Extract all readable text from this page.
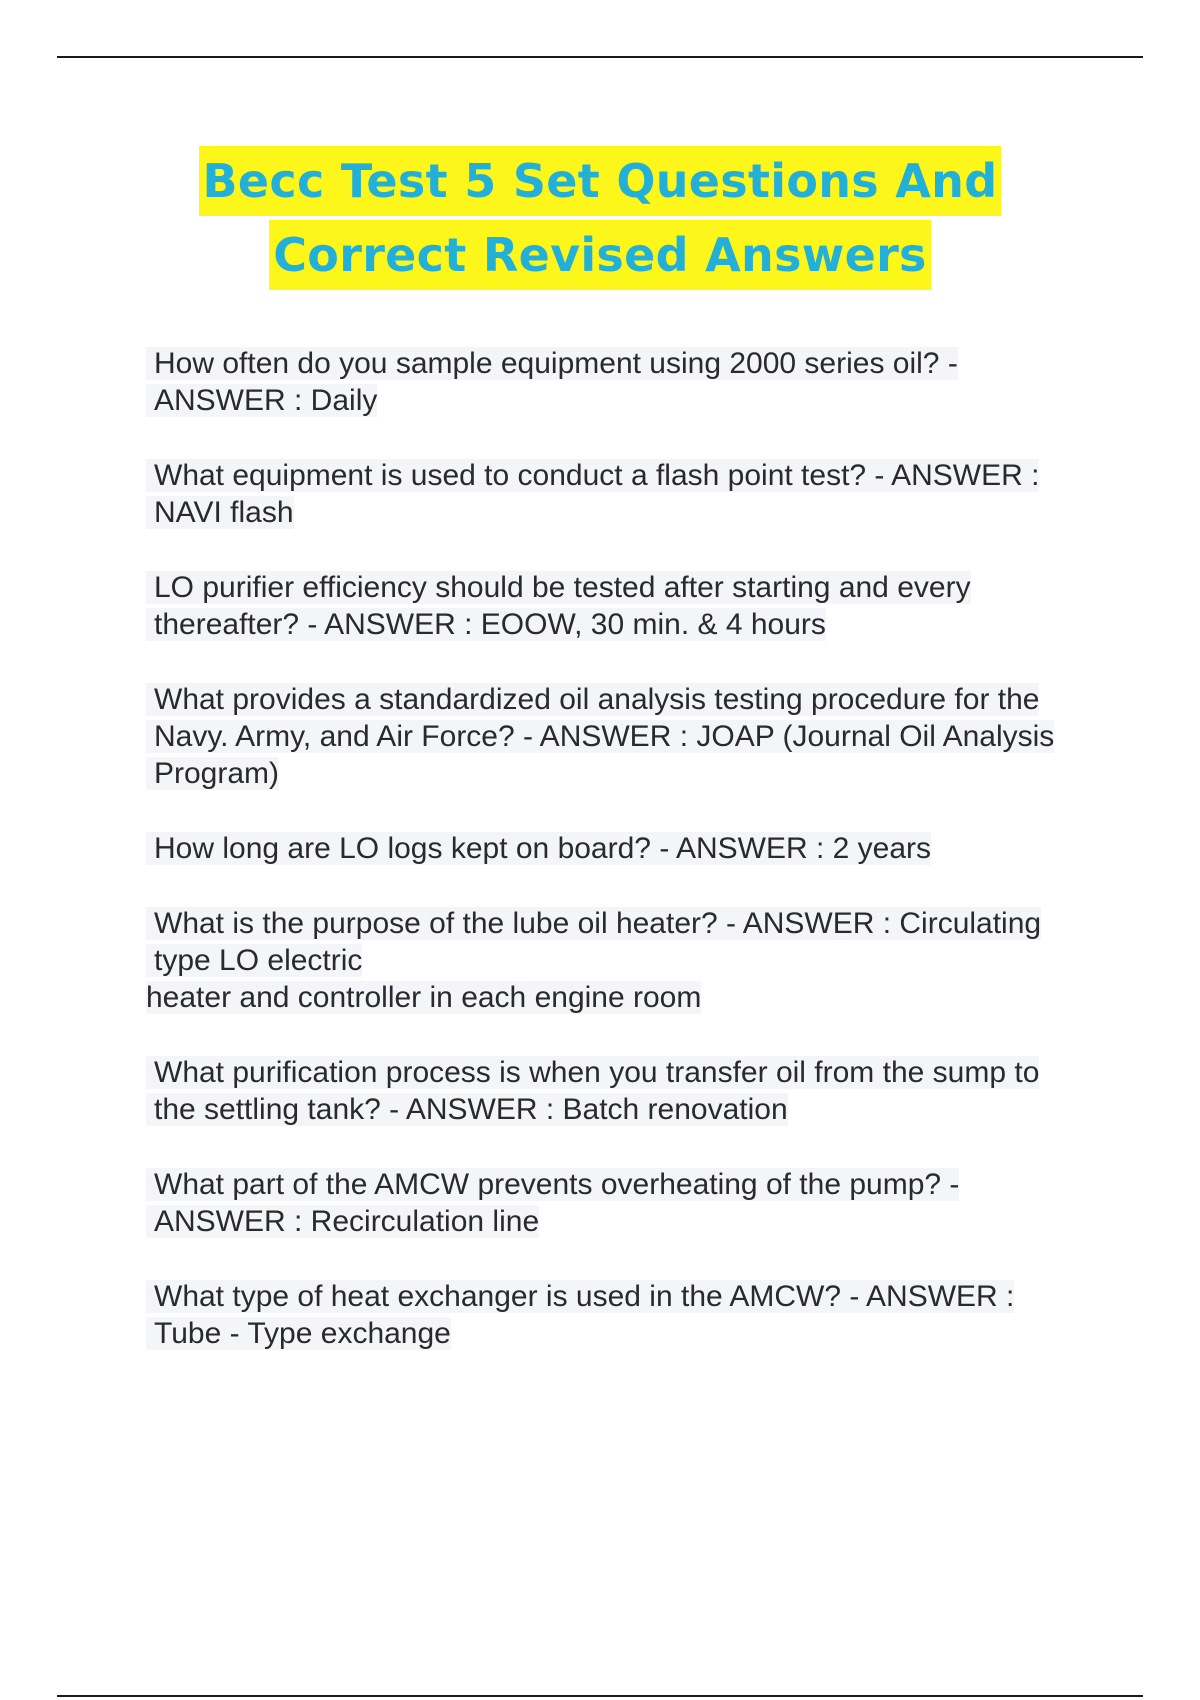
Becc Test 5 Set Questions And
Correct Revised Answers

How often do you sample equipment using 2000 series oil? - ANSWER : Daily

What equipment is used to conduct a flash point test? - ANSWER : NAVI flash

LO purifier efficiency should be tested after starting and every thereafter? - ANSWER : EOOW, 30 min. & 4 hours

What provides a standardized oil analysis testing procedure for the Navy. Army, and Air Force? - ANSWER : JOAP (Journal Oil Analysis Program)

How long are LO logs kept on board? - ANSWER : 2 years

What is the purpose of the lube oil heater? - ANSWER : Circulating type LO electric
heater and controller in each engine room

What purification process is when you transfer oil from the sump to the settling tank? - ANSWER : Batch renovation

What part of the AMCW prevents overheating of the pump? - ANSWER : Recirculation line

What type of heat exchanger is used in the AMCW? - ANSWER : Tube - Type exchange
